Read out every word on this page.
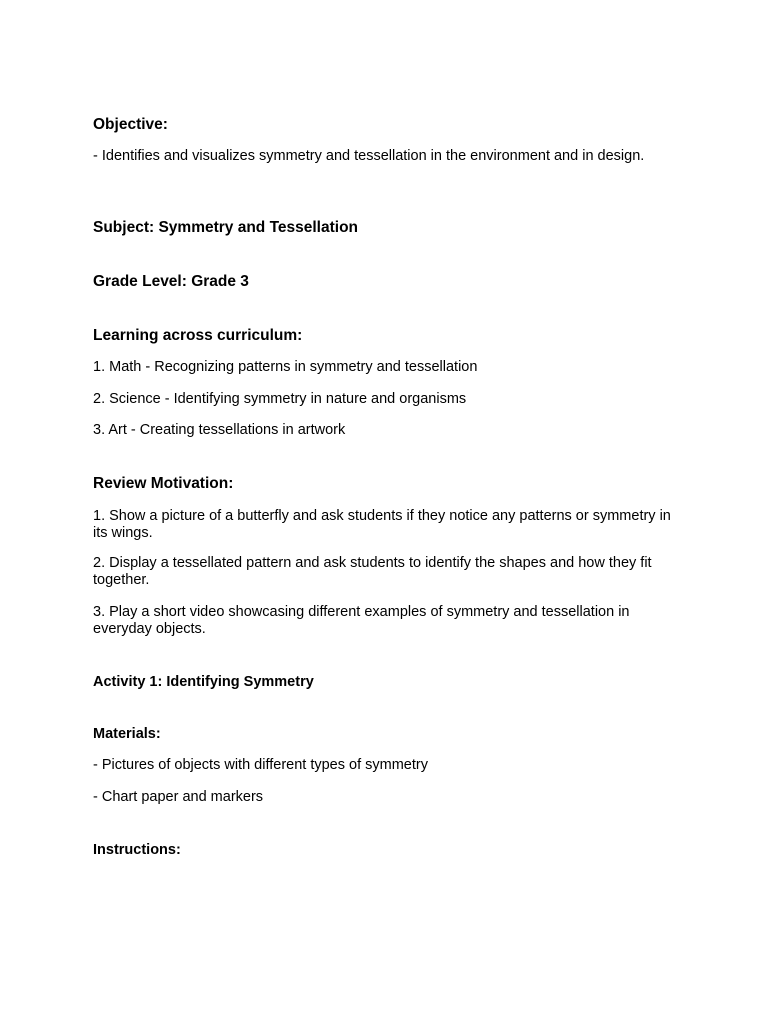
Objective:

- Identifies and visualizes symmetry and tessellation in the environment and in design.

Subject: Symmetry and Tessellation

Grade Level: Grade 3

Learning across curriculum:

1. Math - Recognizing patterns in symmetry and tessellation

2. Science - Identifying symmetry in nature and organisms

3. Art - Creating tessellations in artwork

Review Motivation:

1. Show a picture of a butterfly and ask students if they notice any patterns or symmetry in its wings.

2. Display a tessellated pattern and ask students to identify the shapes and how they fit together.

3. Play a short video showcasing different examples of symmetry and tessellation in everyday objects.

Activity 1: Identifying Symmetry

Materials:

- Pictures of objects with different types of symmetry

- Chart paper and markers

Instructions:
